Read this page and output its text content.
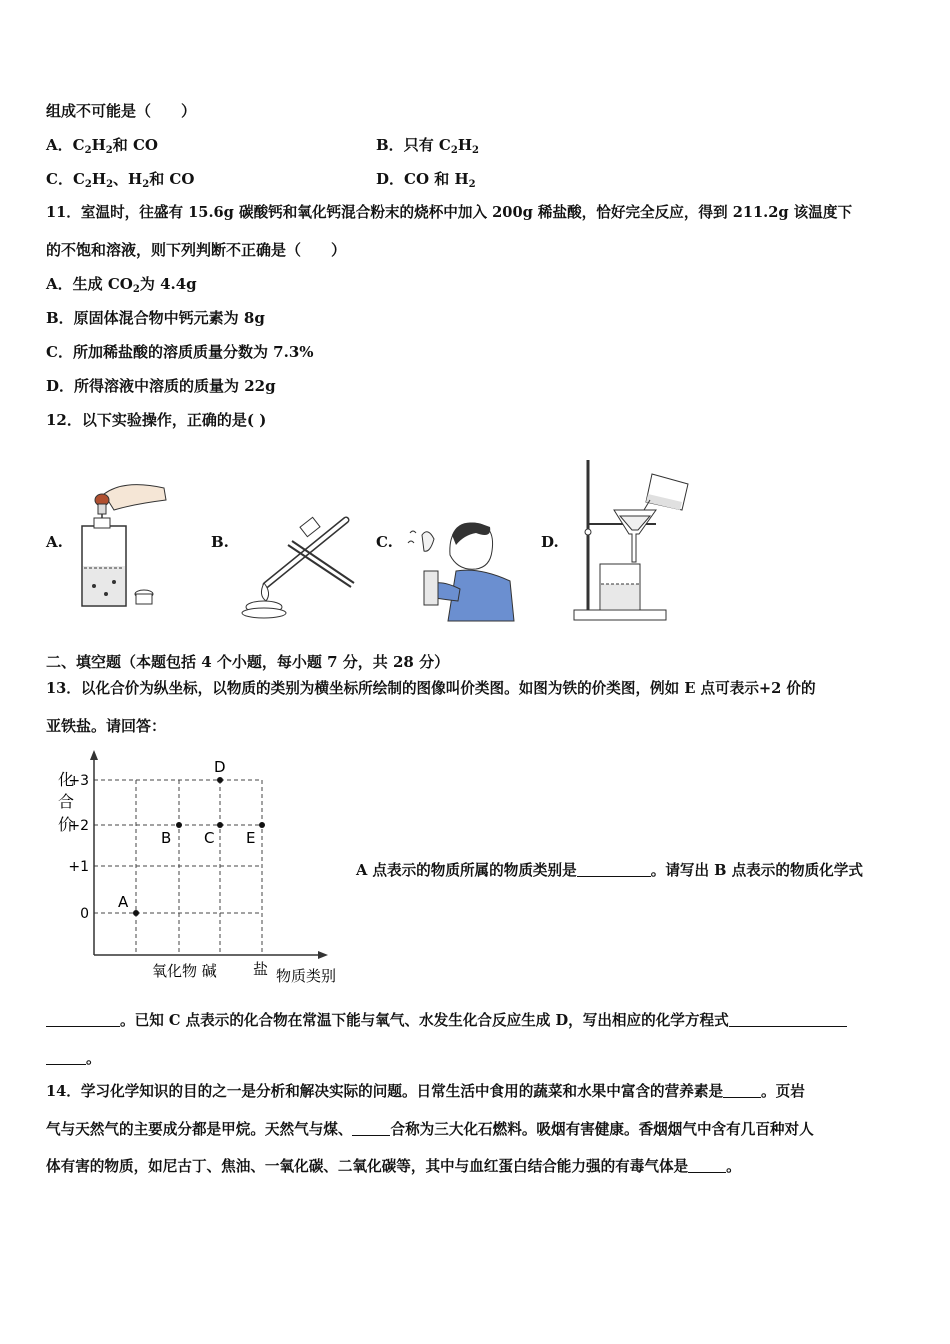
组成不可能是（　　）
A．$C_2H_2$和 CO	B．只有 $C_2H_2$
C．$C_2H_2$、$H_2$和 CO	D．CO 和 $H_2$
11．室温时，往盛有 15.6g 碳酸钙和氧化钙混合粉末的烧杯中加入 200g 稀盐酸，恰好完全反应，得到 211.2g 该温度下
的不饱和溶液，则下列判断不正确是（　　）
A．生成 $CO_2$为 4.4g
B．原固体混合物中钙元素为 8g
C．所加稀盐酸的溶质质量分数为 7.3%
D．所得溶液中溶质的质量为 22g
12．以下实验操作，正确的是( )
A.	B.	C.	D.
二、填空题（本题包括 4 个小题，每小题 7 分，共 28 分）
13．以化合价为纵坐标，以物质的类别为横坐标所绘制的图像叫价类图。如图为铁的价类图，例如 E 点可表示+2 价的
亚铁盐。请回答：
化
合
价
0
+1
+2
+3
氧化物 碱 盐 物质类别
A
B C
D
E
A 点表示的物质所属的物质类别是	。请写出 B 点表示的物质化学式
。已知 C 点表示的化合物在常温下能与氧气、水发生化合反应生成 D，写出相应的化学方程式
。
14．学习化学知识的目的之一是分析和解决实际的问题。日常生活中食用的蔬菜和水果中富含的营养素是	。页岩
气与天然气的主要成分都是甲烷。天然气与煤、	合称为三大化石燃料。吸烟有害健康。香烟烟气中含有几百种对人
体有害的物质，如尼古丁、焦油、一氧化碳、二氧化碳等，其中与血红蛋白结合能力强的有毒气体是	。
